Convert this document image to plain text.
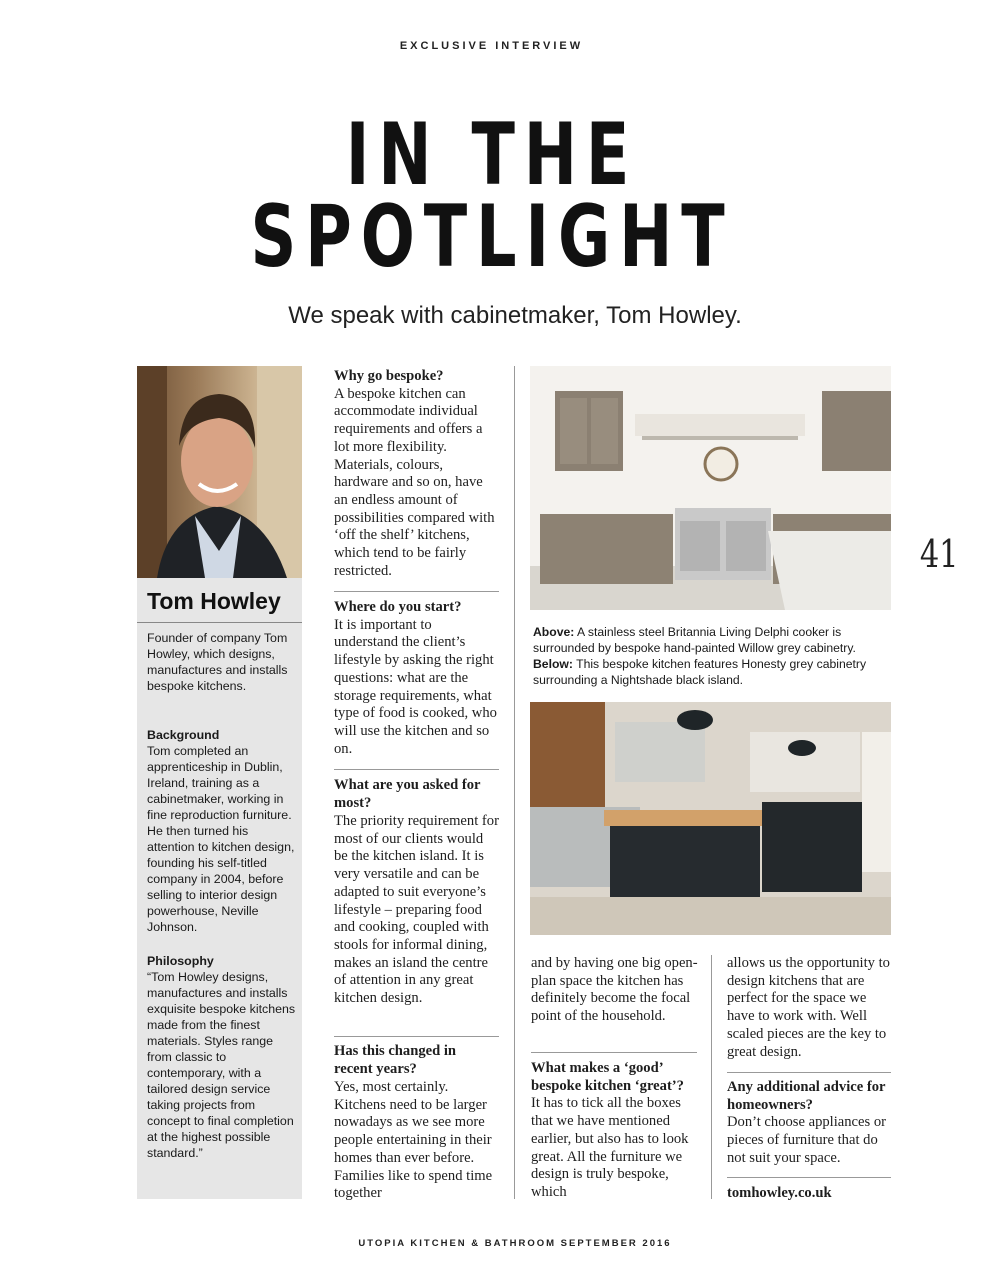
EXCLUSIVE INTERVIEW
IN THE
SPOTLIGHT
We speak with cabinetmaker, Tom Howley.
Tom Howley
Founder of company Tom Howley, which designs, manufactures and installs bespoke kitchens.
Background
Tom completed an apprenticeship in Dublin, Ireland, training as a cabinetmaker, working in fine reproduction furniture. He then turned his attention to kitchen design, founding his self-titled company in 2004, before selling to interior design powerhouse, Neville Johnson.
Philosophy
“Tom Howley designs, manufactures and installs exquisite bespoke kitchens made from the finest materials. Styles range from classic to contemporary, with a tailored design service taking projects from concept to final completion at the highest possible standard.”
Why go bespoke?
A bespoke kitchen can accommodate individual requirements and offers a lot more flexibility. Materials, colours, hardware and so on, have an endless amount of possibilities compared with ‘off the shelf’ kitchens, which tend to be fairly restricted.
Where do you start?
It is important to understand the client’s lifestyle by asking the right questions: what are the storage requirements, what type of food is cooked, who will use the kitchen and so on.
What are you asked for most?
The priority requirement for most of our clients would be the kitchen island. It is very versatile and can be adapted to suit everyone’s lifestyle – preparing food and cooking, coupled with stools for informal dining, makes an island the centre of attention in any great kitchen design.
Has this changed in recent years?
Yes, most certainly. Kitchens need to be larger nowadays as we see more people entertaining in their homes than ever before. Families like to spend time together
Above: A stainless steel Britannia Living Delphi cooker is surrounded by bespoke hand-painted Willow grey cabinetry.
Below: This bespoke kitchen features Honesty grey cabinetry surrounding a Nightshade black island.
and by having one big open-plan space the kitchen has definitely become the focal point of the household.
What makes a ‘good’ bespoke kitchen ‘great’?
It has to tick all the boxes that we have mentioned earlier, but also has to look great. All the furniture we design is truly bespoke, which
allows us the opportunity to design kitchens that are perfect for the space we have to work with. Well scaled pieces are the key to great design.
Any additional advice for homeowners?
Don’t choose appliances or pieces of furniture that do not suit your space.
tomhowley.co.uk
41
UTOPIA KITCHEN & BATHROOM SEPTEMBER 2016
